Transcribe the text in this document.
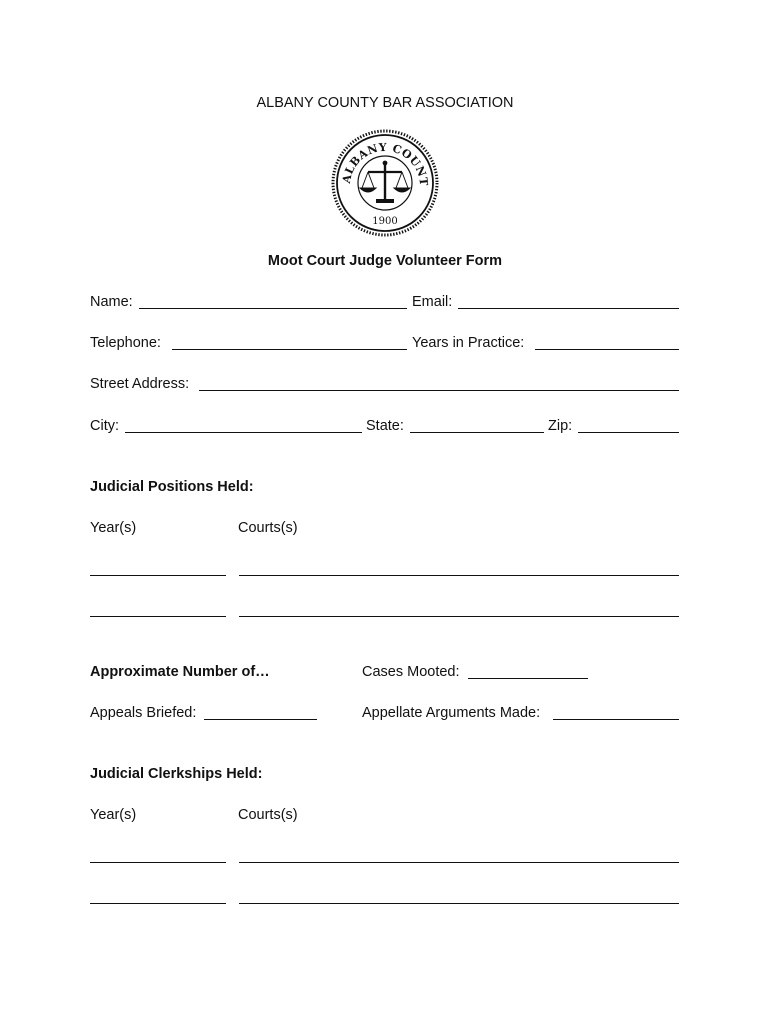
ALBANY COUNTY BAR ASSOCIATION
ALBANY COUNT
1900
Moot Court Judge Volunteer Form
Name:	Email:
Telephone:	Years in Practice:
Street Address:
City:	State:	Zip:
Judicial Positions Held:
Year(s)	Courts(s)
Approximate Number of…	Cases Mooted:
Appeals Briefed:	Appellate Arguments Made:
Judicial Clerkships Held:
Year(s)	Courts(s)
